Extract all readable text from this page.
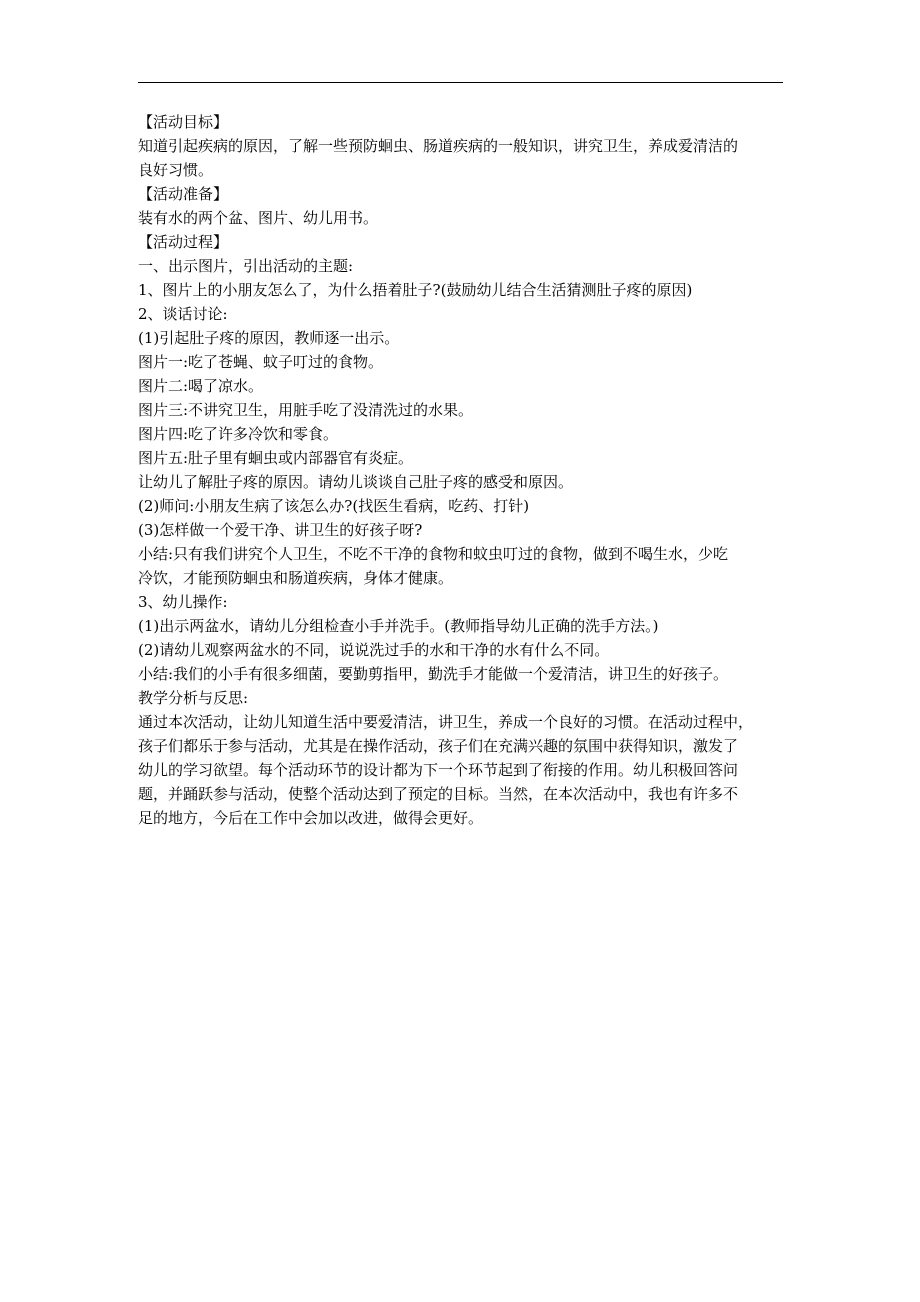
【活动目标】
知道引起疾病的原因，了解一些预防蛔虫、肠道疾病的一般知识，讲究卫生，养成爱清洁的
良好习惯。
【活动准备】
装有水的两个盆、图片、幼儿用书。
【活动过程】
一、出示图片，引出活动的主题:
1、图片上的小朋友怎么了，为什么捂着肚子?(鼓励幼儿结合生活猜测肚子疼的原因)
2、谈话讨论:
(1)引起肚子疼的原因，教师逐一出示。
图片一:吃了苍蝇、蚊子叮过的食物。
图片二:喝了凉水。
图片三:不讲究卫生，用脏手吃了没清洗过的水果。
图片四:吃了许多冷饮和零食。
图片五:肚子里有蛔虫或内部器官有炎症。
让幼儿了解肚子疼的原因。请幼儿谈谈自己肚子疼的感受和原因。
(2)师问:小朋友生病了该怎么办?(找医生看病，吃药、打针)
(3)怎样做一个爱干净、讲卫生的好孩子呀?
小结:只有我们讲究个人卫生，不吃不干净的食物和蚊虫叮过的食物，做到不喝生水，少吃
冷饮，才能预防蛔虫和肠道疾病，身体才健康。
3、幼儿操作:
(1)出示两盆水，请幼儿分组检查小手并洗手。(教师指导幼儿正确的洗手方法。)
(2)请幼儿观察两盆水的不同，说说洗过手的水和干净的水有什么不同。
小结:我们的小手有很多细菌，要勤剪指甲，勤洗手才能做一个爱清洁，讲卫生的好孩子。
教学分析与反思:
通过本次活动，让幼儿知道生活中要爱清洁，讲卫生，养成一个良好的习惯。在活动过程中，
孩子们都乐于参与活动，尤其是在操作活动，孩子们在充满兴趣的氛围中获得知识，激发了
幼儿的学习欲望。每个活动环节的设计都为下一个环节起到了衔接的作用。幼儿积极回答问
题，并踊跃参与活动，使整个活动达到了预定的目标。当然，在本次活动中，我也有许多不
足的地方，今后在工作中会加以改进，做得会更好。
